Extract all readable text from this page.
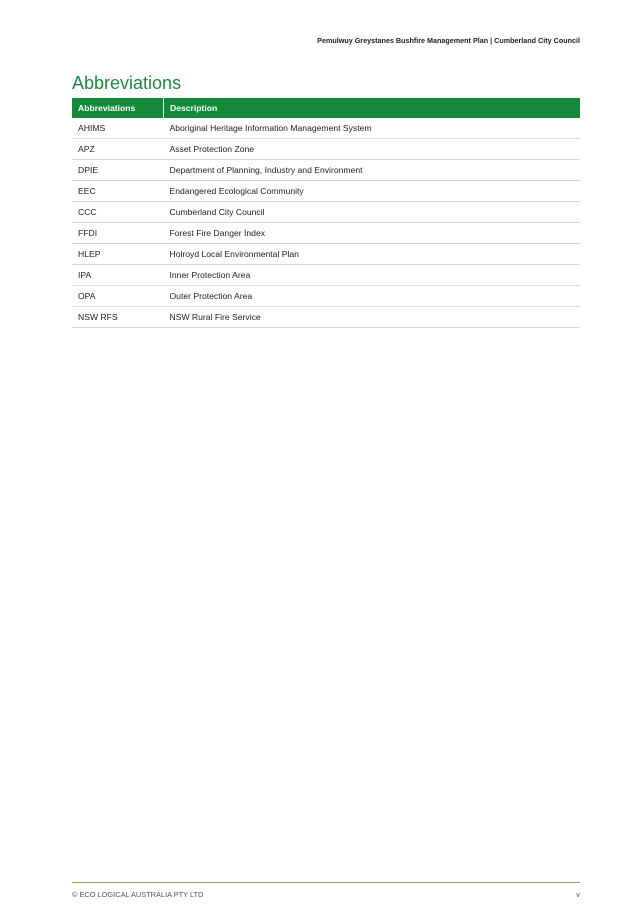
Pemulwuy Greystanes Bushfire Management Plan | Cumberland City Council
Abbreviations
Abbreviations	Description
AHIMS	Aboriginal Heritage Information Management System
APZ	Asset Protection Zone
DPIE	Department of Planning, Industry and Environment
EEC	Endangered Ecological Community
CCC	Cumberland City Council
FFDI	Forest Fire Danger Index
HLEP	Holroyd Local Environmental Plan
IPA	Inner Protection Area
OPA	Outer Protection Area
NSW RFS	NSW Rural Fire Service
© ECO LOGICAL AUSTRALIA PTY LTD	v
